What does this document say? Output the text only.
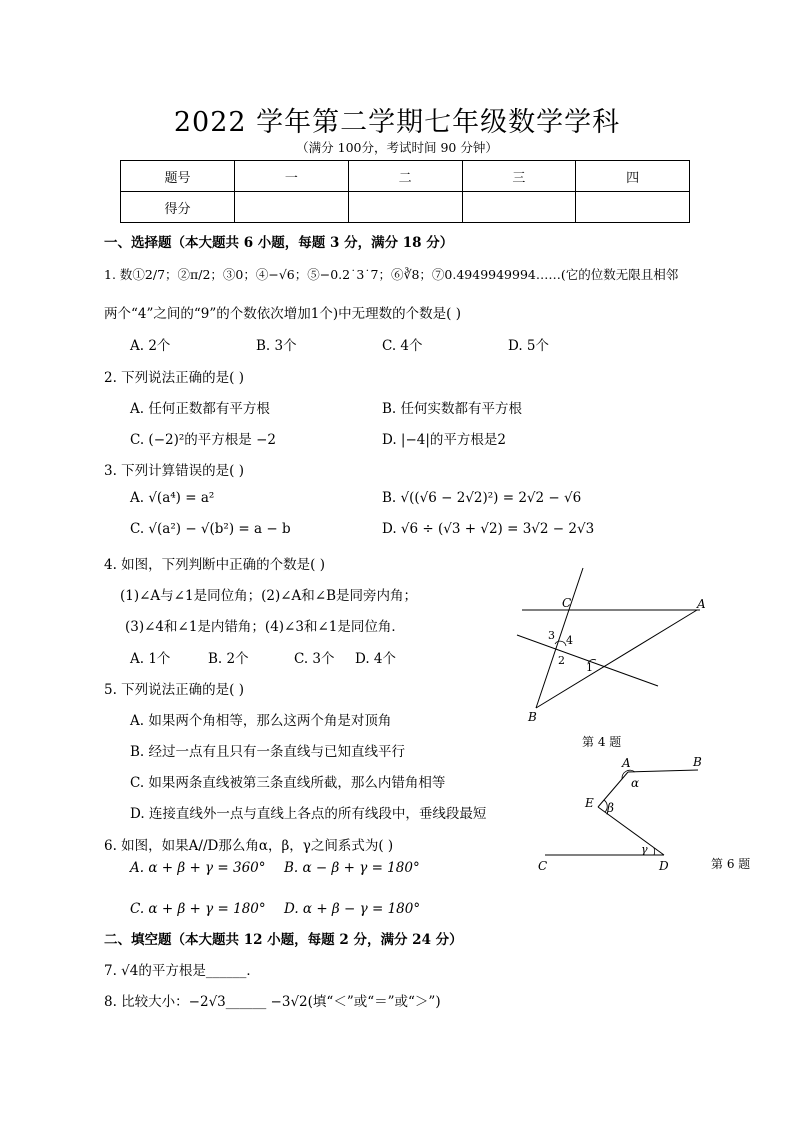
2022 学年第二学期七年级数学学科
（满分 100分，考试时间 90 分钟）
题号	一	二	三	四
得分				
一、选择题（本大题共 6 小题，每题 3 分，满分 18 分）
1. 数①2/7；②π/2；③0；④−√6；⑤−0.2˙3˙7；⑥∛8；⑦0.4949949994……(它的位数无限且相邻
两个“4”之间的“9”的个数依次增加1个)中无理数的个数是( )
A. 2个	B. 3个	C. 4个	D. 5个
2. 下列说法正确的是( )
A. 任何正数都有平方根	B. 任何实数都有平方根
C. (−2)²的平方根是 −2	D. |−4|的平方根是2
3. 下列计算错误的是( )
A. √(a⁴) = a²	B. √((√6 − 2√2)²) = 2√2 − √6
C. √(a²) − √(b²) = a − b	D. √6 ÷ (√3 + √2) = 3√2 − 2√3
4. 如图，下列判断中正确的个数是( )
(1)∠A与∠1是同位角；(2)∠A和∠B是同旁内角；
(3)∠4和∠1是内错角；(4)∠3和∠1是同位角．
A. 1个	B. 2个	C. 3个 D. 4个
C	A
3 4
2
1
B
第 4 题
5. 下列说法正确的是( )
A. 如果两个角相等，那么这两个角是对顶角
B. 经过一点有且只有一条直线与已知直线平行
C. 如果两条直线被第三条直线所截，那么内错角相等
D. 连接直线外一点与直线上各点的所有线段中，垂线段最短
6. 如图，如果A//D那么角α，β，γ之间系式为( )
A. α + β + γ = 360° B. α − β + γ = 180°
C. α + β + γ = 180° D. α + β − γ = 180°
A	B
α
E β
C
γ
D	第 6 题
二、填空题（本大题共 12 小题，每题 2 分，满分 24 分）
7. √4的平方根是______．
8. 比较大小：−2√3______ −3√2(填“＜”或“＝”或“＞”)
